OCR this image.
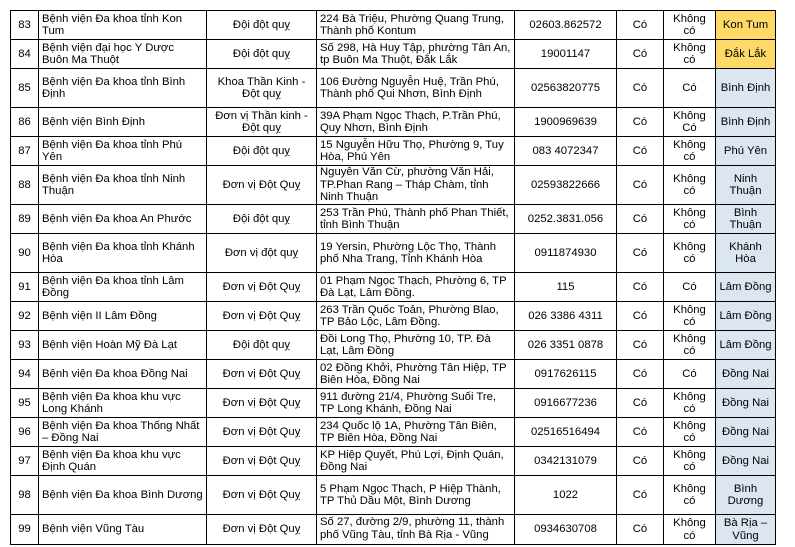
83	Bệnh viện Đa khoa tỉnh Kon Tum	Đội đột quỵ	224 Bà Triệu, Phường Quang Trung, Thành phố Kontum	02603.862572	Có	Không có	Kon Tum
84	Bệnh viện đại học Y Dược Buôn Ma Thuột	Đội đột quỵ	Số 298, Hà Huy Tập, phường Tân An, tp Buôn Ma Thuột, Đắk Lắk	19001147	Có	Không có	Đắk Lắk
85	Bệnh viện Đa khoa tỉnh Bình Định	Khoa Thần Kinh - Đột quỵ	106 Đường Nguyễn Huệ, Trần Phú, Thành phố Qui Nhơn, Bình Định	02563820775	Có	Có	Bình Định
86	Bệnh viện Bình Định	Đơn vị Thần kinh - Đột quỵ	39A Phạm Ngọc Thạch, P.Trần Phú, Quy Nhơn, Bình Định	1900969639	Có	Không Có	Bình Định
87	Bệnh viện Đa khoa tỉnh Phú Yên	Đội đột quỵ	15 Nguyễn Hữu Thọ, Phường 9, Tuy Hòa, Phú Yên	083 4072347	Có	Không có	Phú Yên
88	Bệnh viện Đa khoa tỉnh Ninh Thuận	Đơn vị Đột Quỵ	Nguyễn Văn Cừ, phường Văn Hải, TP.Phan Rang – Tháp Chàm, tỉnh Ninh Thuận	02593822666	Có	Không có	Ninh Thuận
89	Bệnh viện Đa khoa An Phước	Đội đột quỵ	253 Trần Phú, Thành phố Phan Thiết, tỉnh Bình Thuận	0252.3831.056	Có	Không có	Bình Thuận
90	Bệnh viện Đa khoa tỉnh Khánh Hòa	Đơn vị đột quỵ	19 Yersin, Phường Lộc Thọ, Thành phố Nha Trang, Tỉnh Khánh Hòa	0911874930	Có	Không có	Khánh Hòa
91	Bệnh viện Đa khoa tỉnh Lâm Đồng	Đơn vị Đột Quỵ	01 Phạm Ngọc Thạch, Phường 6, TP Đà Lạt, Lâm Đồng.	115	Có	Có	Lâm Đồng
92	Bệnh viện II Lâm Đồng	Đơn vị Đột Quỵ	263 Trần Quốc Toản, Phường Blao, TP Bảo Lộc, Lâm Đồng.	026 3386 4311	Có	Không có	Lâm Đồng
93	Bệnh viện Hoàn Mỹ Đà Lạt	Đội đột quỵ	Đồi Long Thọ, Phường 10, TP. Đà Lạt, Lâm Đồng	026 3351 0878	Có	Không có	Lâm Đồng
94	Bệnh viện Đa khoa Đồng Nai	Đơn vị Đột Quỵ	02 Đồng Khởi, Phường Tân Hiệp, TP Biên Hòa, Đồng Nai	0917626115	Có	Có	Đồng Nai
95	Bệnh viện Đa khoa khu vực Long Khánh	Đơn vị Đột Quỵ	911 đường 21/4, Phường Suối Tre, TP Long Khánh, Đồng Nai	0916677236	Có	Không có	Đồng Nai
96	Bệnh viện Đa khoa Thống Nhất – Đồng Nai	Đơn vị Đột Quỵ	234 Quốc lộ 1A, Phường Tân Biên, TP Biên Hòa, Đồng Nai	02516516494	Có	Không có	Đồng Nai
97	Bệnh viện Đa khoa khu vực Định Quán	Đơn vị Đột Quỵ	KP Hiệp Quyết, Phú Lợi, Định Quán, Đồng Nai	0342131079	Có	Không có	Đồng Nai
98	Bệnh viện Đa khoa Bình Dương	Đơn vị Đột Quỵ	5 Phạm Ngọc Thạch, P Hiệp Thành, TP Thủ Dầu Một, Bình Dương	1022	Có	Không có	Bình Dương
99	Bệnh viện Vũng Tàu	Đơn vị Đột Quỵ	Số 27, đường 2/9, phường 11, thành phố Vũng Tàu, tỉnh Bà Rịa - Vũng	0934630708	Có	Không có	Bà Rịa – Vũng
